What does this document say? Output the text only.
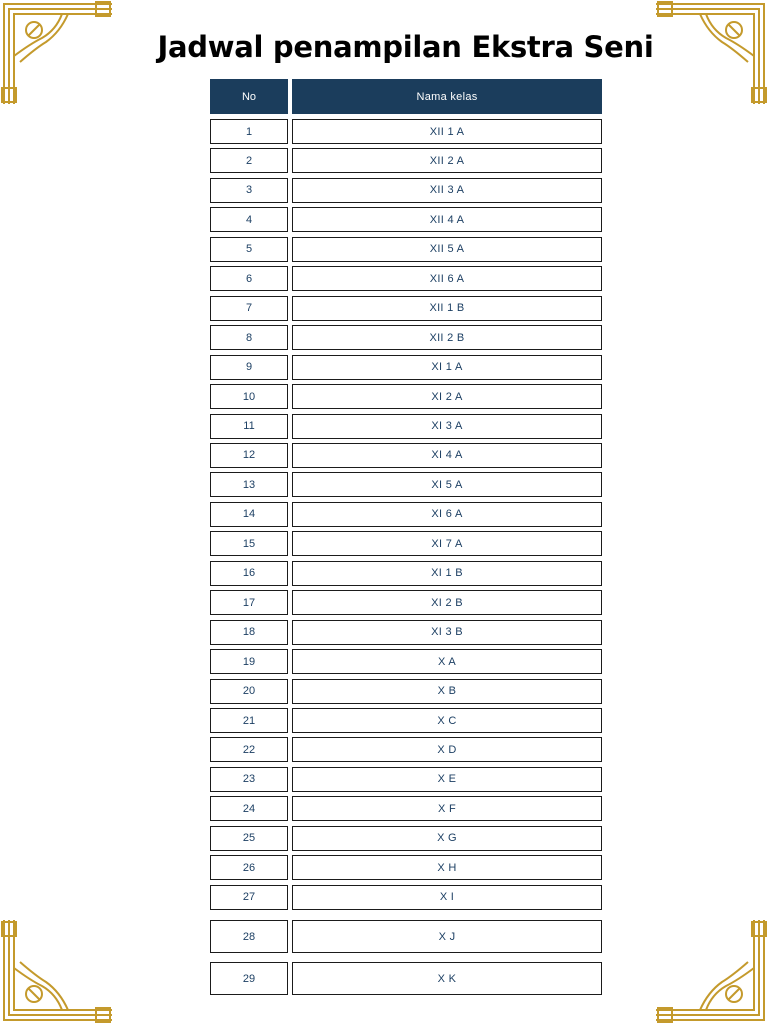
Jadwal penampilan Ekstra Seni
No	Nama kelas
1	XII 1 A
2	XII 2 A
3	XII 3 A
4	XII 4 A
5	XII 5 A
6	XII 6 A
7	XII 1 B
8	XII 2 B
9	XI 1 A
10	XI 2 A
11	XI 3 A
12	XI 4 A
13	XI 5 A
14	XI 6 A
15	XI 7 A
16	XI 1 B
17	XI 2 B
18	XI 3 B
19	X A
20	X B
21	X C
22	X D
23	X E
24	X F
25	X G
26	X H
27	X I
28	X J
29	X K
